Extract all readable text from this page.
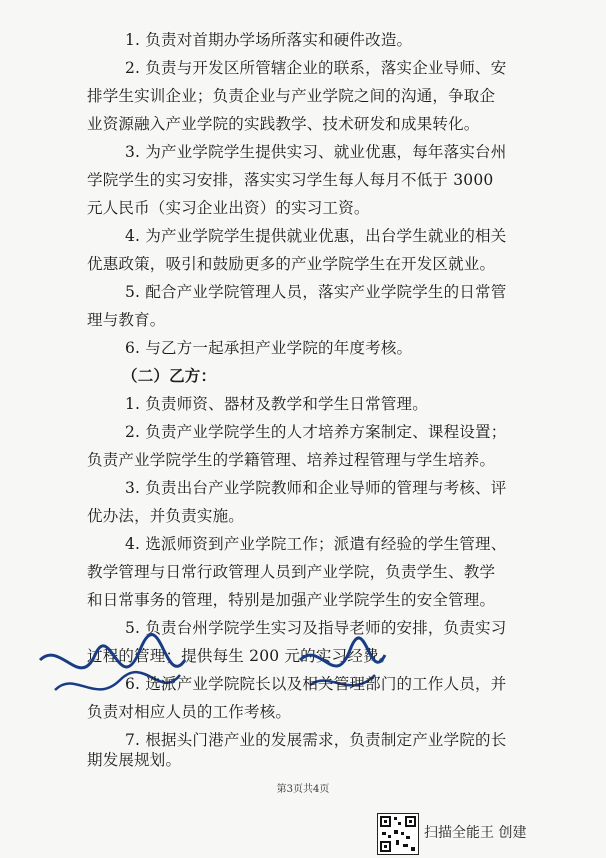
1. 负责对首期办学场所落实和硬件改造。
2. 负责与开发区所管辖企业的联系，落实企业导师、安
排学生实训企业；负责企业与产业学院之间的沟通，争取企
业资源融入产业学院的实践教学、技术研发和成果转化。
3. 为产业学院学生提供实习、就业优惠，每年落实台州
学院学生的实习安排，落实实习学生每人每月不低于 3000
元人民币（实习企业出资）的实习工资。
4. 为产业学院学生提供就业优惠，出台学生就业的相关
优惠政策，吸引和鼓励更多的产业学院学生在开发区就业。
5. 配合产业学院管理人员，落实产业学院学生的日常管
理与教育。
6. 与乙方一起承担产业学院的年度考核。
（二）乙方：
1. 负责师资、器材及教学和学生日常管理。
2. 负责产业学院学生的人才培养方案制定、课程设置；
负责产业学院学生的学籍管理、培养过程管理与学生培养。
3. 负责出台产业学院教师和企业导师的管理与考核、评
优办法，并负责实施。
4. 选派师资到产业学院工作；派遣有经验的学生管理、
教学管理与日常行政管理人员到产业学院，负责学生、教学
和日常事务的管理，特别是加强产业学院学生的安全管理。
5. 负责台州学院学生实习及指导老师的安排，负责实习
过程的管理；提供每生 200 元的实习经费。
第3页共4页
扫描全能王 创建
6. 选派产业学院院长以及相关管理部门的工作人员，并
负责对相应人员的工作考核。
7. 根据头门港产业的发展需求，负责制定产业学院的长
期发展规划。
